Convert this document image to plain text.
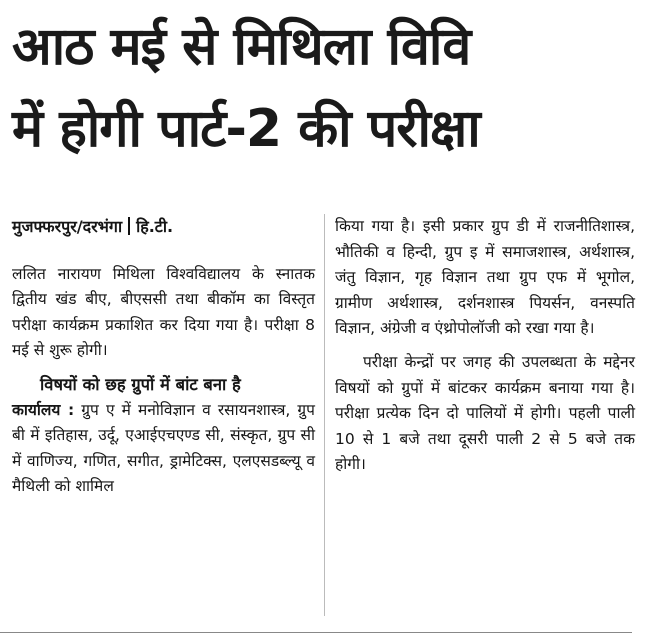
आठ मई से मिथिला विवि
में होगी पार्ट-2 की परीक्षा
मुजफ्फरपुर/दरभंगा हि.टी.

ललित नारायण मिथिला विश्वविद्यालय के स्नातक द्वितीय खंड बीए, बीएससी तथा बीकॉम का विस्तृत परीक्षा कार्यक्रम प्रकाशित कर दिया गया है। परीक्षा 8 मई से शुरू होगी।

विषयों को छह ग्रुपों में बांट बना है

कार्यालय : ग्रुप ए में मनोविज्ञान व रसायनशास्त्र, ग्रुप बी में इतिहास, उर्दू, एआईएचएण्ड सी, संस्कृत, ग्रुप सी में वाणिज्य, गणित, सगीत, ड्रामेटिक्स, एलएसडब्ल्यू व मैथिली को शामिल

किया गया है। इसी प्रकार ग्रुप डी में राजनीतिशास्त्र, भौतिकी व हिन्दी, ग्रुप इ में समाजशास्त्र, अर्थशास्त्र, जंतु विज्ञान, गृह विज्ञान तथा ग्रुप एफ में भूगोल, ग्रामीण अर्थशास्त्र, दर्शनशास्त्र पियर्सन, वनस्पति विज्ञान, अंग्रेजी व एंथ्रोपोलॉजी को रखा गया है।

परीक्षा केन्द्रों पर जगह की उपलब्धता के मद्देनर विषयों को ग्रुपों में बांटकर कार्यक्रम बनाया गया है। परीक्षा प्रत्येक दिन दो पालियों में होगी। पहली पाली 10 से 1 बजे तथा दूसरी पाली 2 से 5 बजे तक होगी।
